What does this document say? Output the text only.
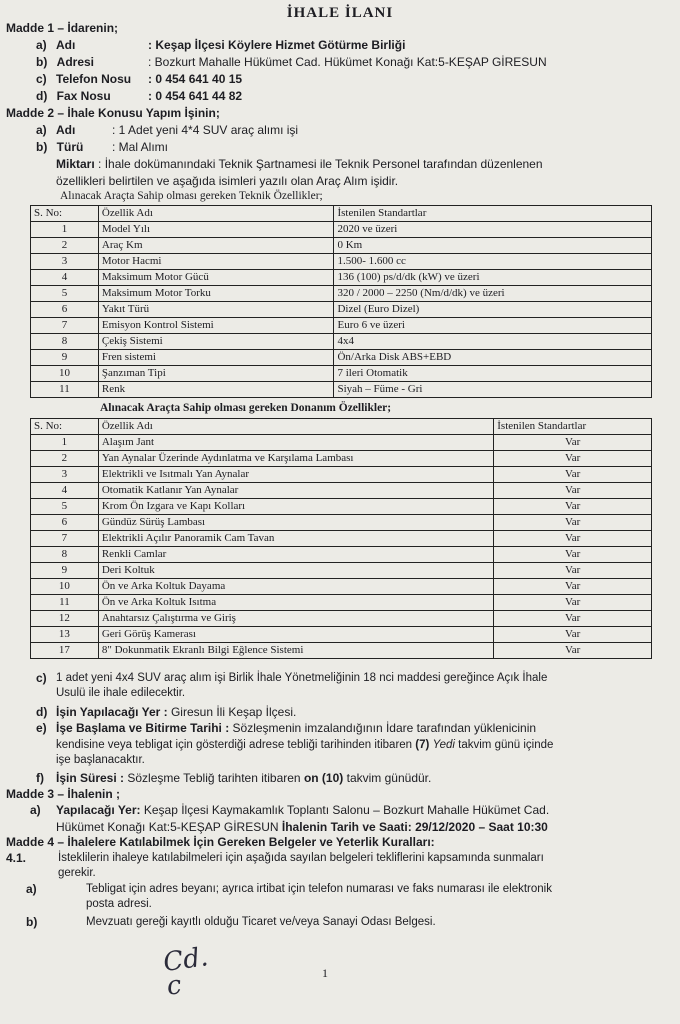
İHALE İLANI
Madde 1 – İdarenin;
a) Adı	: Keşap İlçesi Köylere Hizmet Götürme Birliği
b) Adresi	: Bozkurt Mahalle Hükümet Cad. Hükümet Konağı Kat:5-KEŞAP GİRESUN
c) Telefon Nosu : 0 454 641 40 15
d) Fax Nosu	: 0 454 641 44 82
Madde 2 – İhale Konusu Yapım İşinin;
a) Adı	: 1 Adet yeni 4*4 SUV araç alımı işi
b) Türü : Mal Alımı
Miktarı : İhale dokümanındaki Teknik Şartnamesi ile Teknik Personel tarafından düzenlenen
özellikleri belirtilen ve aşağıda isimleri yazılı olan Araç Alım işidir.
Alınacak Araçta Sahip olması gereken Teknik Özellikler;
S. No:	Özellik Adı	İstenilen Standartlar
1	Model Yılı	2020 ve üzeri
2	Araç Km	0 Km
3	Motor Hacmi	1.500- 1.600 cc
4	Maksimum Motor Gücü	136 (100) ps/d/dk (kW) ve üzeri
5	Maksimum Motor Torku	320 / 2000 – 2250 (Nm/d/dk) ve üzeri
6	Yakıt Türü	Dizel (Euro Dizel)
7	Emisyon Kontrol Sistemi	Euro 6 ve üzeri
8	Çekiş Sistemi	4x4
9	Fren sistemi	Ön/Arka Disk ABS+EBD
10	Şanzıman Tipi	7 ileri Otomatik
11	Renk	Siyah – Füme - Gri
Alınacak Araçta Sahip olması gereken Donanım Özellikler;
S. No:	Özellik Adı	İstenilen Standartlar
1	Alaşım Jant	Var
2	Yan Aynalar Üzerinde Aydınlatma ve Karşılama Lambası	Var
3	Elektrikli ve Isıtmalı Yan Aynalar	Var
4	Otomatik Katlanır Yan Aynalar	Var
5	Krom Ön Izgara ve Kapı Kolları	Var
6	Gündüz Sürüş Lambası	Var
7	Elektrikli Açılır Panoramik Cam Tavan	Var
8	Renkli Camlar	Var
9	Deri Koltuk	Var
10	Ön ve Arka Koltuk Dayama	Var
11	Ön ve Arka Koltuk Isıtma	Var
12	Anahtarsız Çalıştırma ve Giriş	Var
13	Geri Görüş Kamerası	Var
17	8" Dokunmatik Ekranlı Bilgi Eğlence Sistemi	Var
c) 1 adet yeni 4x4 SUV araç alım işi Birlik İhale Yönetmeliğinin 18 nci maddesi gereğince Açık İhale
Usulü ile ihale edilecektir.
d) İşin Yapılacağı Yer : Giresun İli Keşap İlçesi.
e) İşe Başlama ve Bitirme Tarihi : Sözleşmenin imzalandığının İdare tarafından yüklenicinin
kendisine veya tebligat için gösterdiği adrese tebliği tarihinden itibaren (7) Yedi takvim günü içinde
işe başlanacaktır.
f) İşin Süresi : Sözleşme Tebliğ tarihten itibaren on (10) takvim günüdür.
Madde 3 – İhalenin ;
a) Yapılacağı Yer: Keşap İlçesi Kaymakamlık Toplantı Salonu – Bozkurt Mahalle Hükümet Cad.
Hükümet Konağı Kat:5-KEŞAP GİRESUN İhalenin Tarih ve Saati: 29/12/2020 – Saat 10:30
Madde 4 – İhalelere Katılabilmek İçin Gereken Belgeler ve Yeterlik Kuralları:
4.1.	İsteklilerin ihaleye katılabilmeleri için aşağıda sayılan belgeleri tekliflerini kapsamında sunmaları
gerekir.
a)	Tebligat için adres beyanı; ayrıca irtibat için telefon numarası ve faks numarası ile elektronik
posta adresi.
b)	Mevzuatı gereği kayıtlı olduğu Ticaret ve/veya Sanayi Odası Belgesi.
Cd.
c	1
